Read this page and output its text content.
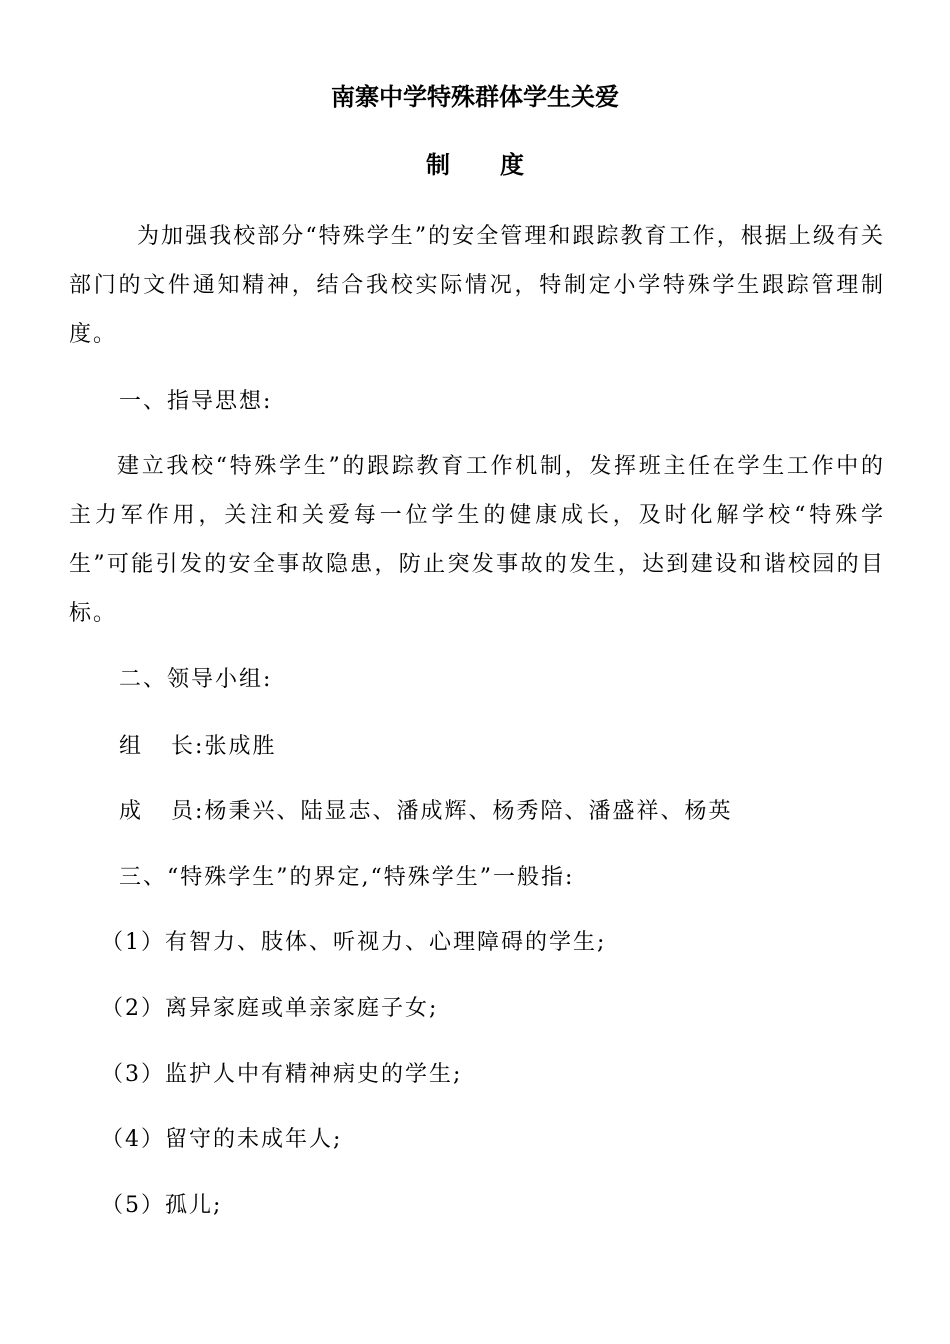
南寨中学特殊群体学生关爱
制 度
为加强我校部分“特殊学生”的安全管理和跟踪教育工作，根据上级有关部门的文件通知精神，结合我校实际情况，特制定小学特殊学生跟踪管理制度。
一、指导思想:
建立我校“特殊学生”的跟踪教育工作机制，发挥班主任在学生工作中的主力军作用，关注和关爱每一位学生的健康成长，及时化解学校“特殊学生”可能引发的安全事故隐患，防止突发事故的发生，达到建设和谐校园的目标。
二、领导小组:
组 长:张成胜
成 员:杨秉兴、陆显志、潘成辉、杨秀陪、潘盛祥、杨英
三、“特殊学生”的界定,“特殊学生”一般指:
（1）有智力、肢体、听视力、心理障碍的学生;
（2）离异家庭或单亲家庭子女;
（3）监护人中有精神病史的学生;
（4）留守的未成年人;
（5）孤儿;
